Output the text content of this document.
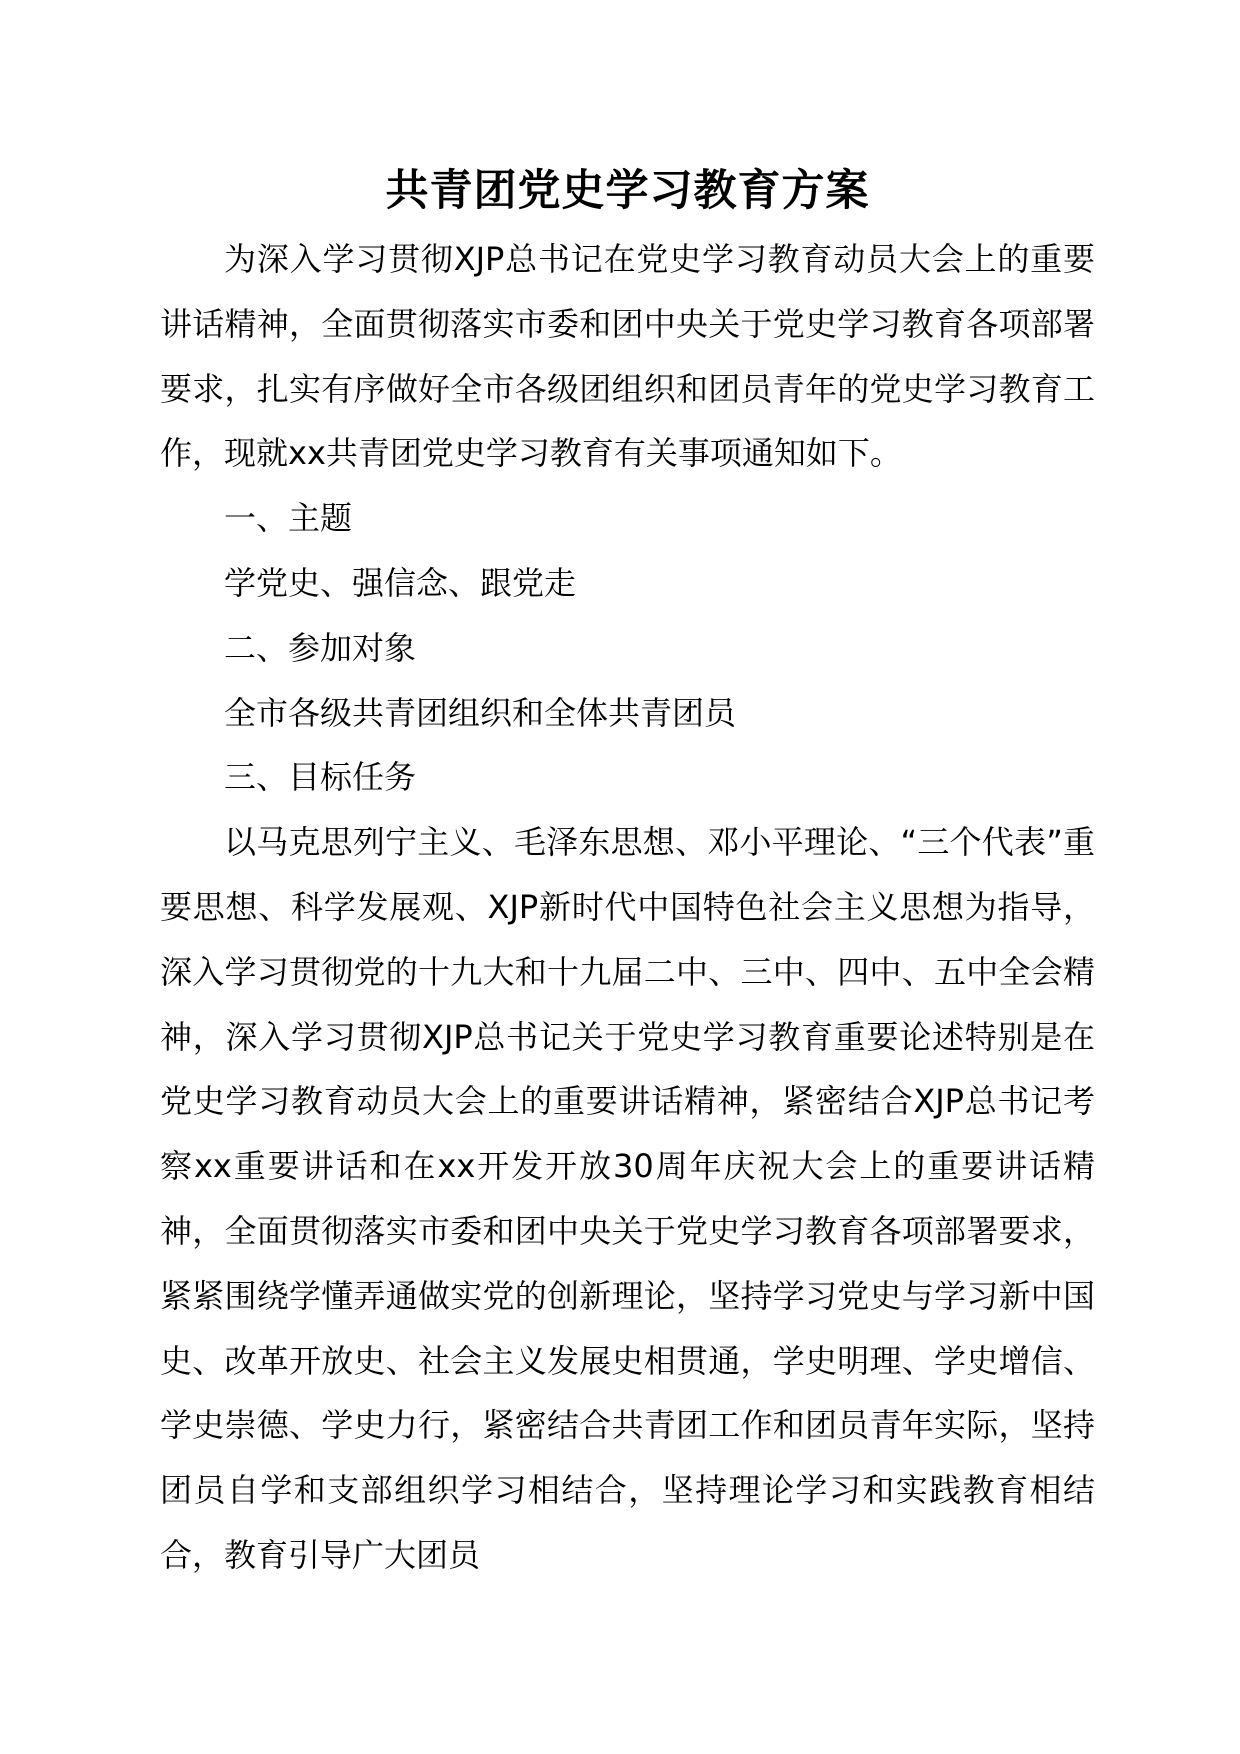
共青团党史学习教育方案

为深入学习贯彻XJP总书记在党史学习教育动员大会上的重要讲话精神，全面贯彻落实市委和团中央关于党史学习教育各项部署要求，扎实有序做好全市各级团组织和团员青年的党史学习教育工作，现就xx共青团党史学习教育有关事项通知如下。

一、主题

学党史、强信念、跟党走

二、参加对象

全市各级共青团组织和全体共青团员

三、目标任务

以马克思列宁主义、毛泽东思想、邓小平理论、“三个代表”重要思想、科学发展观、XJP新时代中国特色社会主义思想为指导，深入学习贯彻党的十九大和十九届二中、三中、四中、五中全会精神，深入学习贯彻XJP总书记关于党史学习教育重要论述特别是在党史学习教育动员大会上的重要讲话精神，紧密结合XJP总书记考察xx重要讲话和在xx开发开放30周年庆祝大会上的重要讲话精神，全面贯彻落实市委和团中央关于党史学习教育各项部署要求，紧紧围绕学懂弄通做实党的创新理论，坚持学习党史与学习新中国史、改革开放史、社会主义发展史相贯通，学史明理、学史增信、学史崇德、学史力行，紧密结合共青团工作和团员青年实际，坚持团员自学和支部组织学习相结合，坚持理论学习和实践教育相结合，教育引导广大团员
